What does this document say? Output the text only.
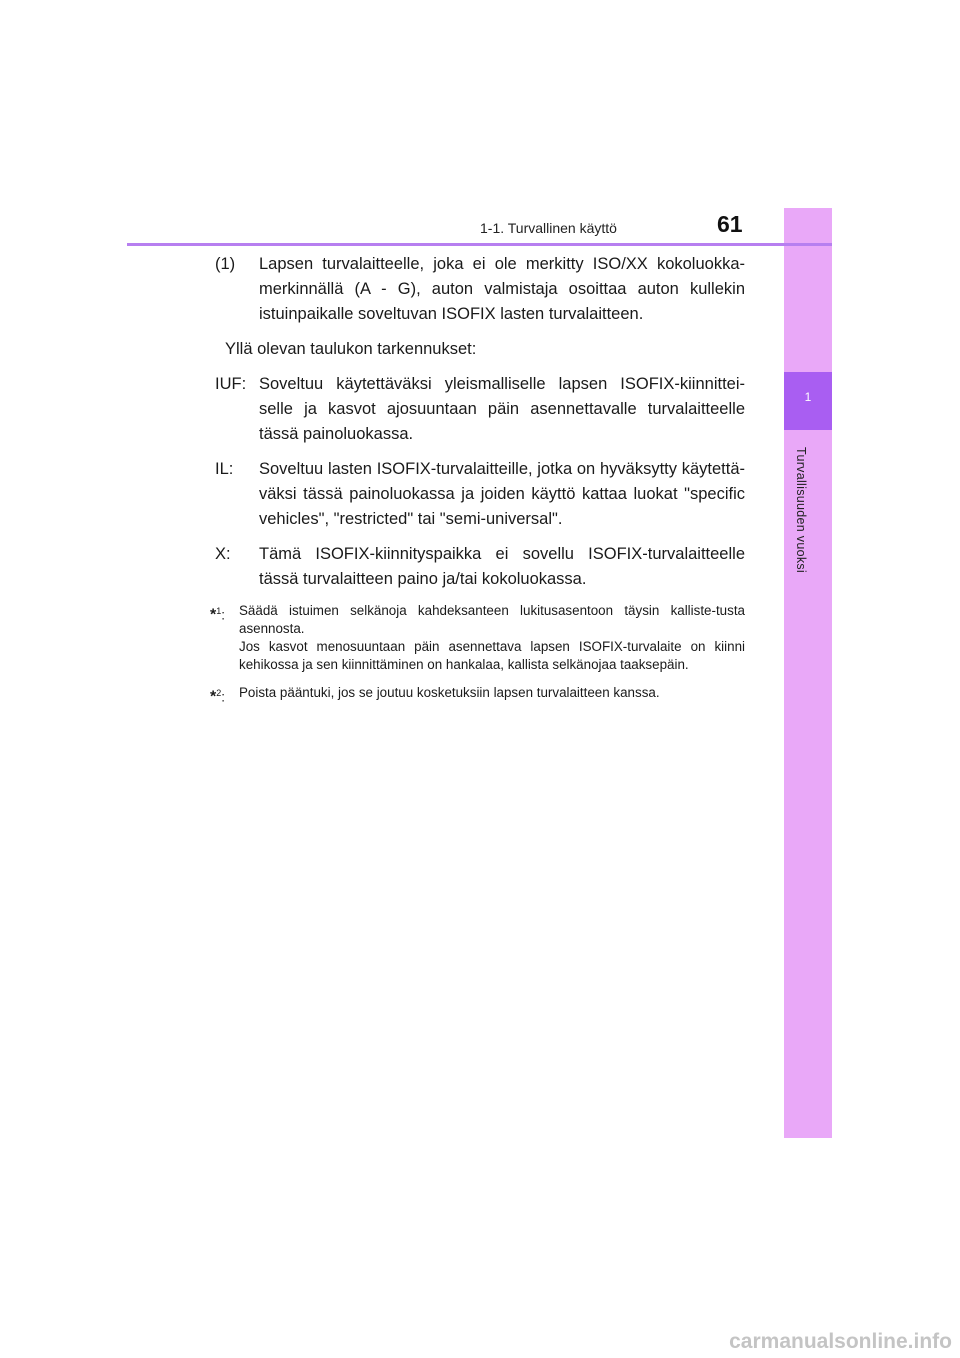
1
Turvallisuuden vuoksi
1-1. Turvallinen käyttö	61
(1)	Lapsen turvalaitteelle, joka ei ole merkitty ISO/XX kokoluokka-merkinnällä (A - G), auton valmistaja osoittaa auton kullekin istuinpaikalle soveltuvan ISOFIX lasten turvalaitteen.
Yllä olevan taulukon tarkennukset:
IUF: Soveltuu käytettäväksi yleismalliselle lapsen ISOFIX-kiinnittei-selle ja kasvot ajosuuntaan päin asennettavalle turvalaitteelle tässä painoluokassa.
IL:	Soveltuu lasten ISOFIX-turvalaitteille, jotka on hyväksytty käytettä-väksi tässä painoluokassa ja joiden käyttö kattaa luokat "specific vehicles", "restricted" tai "semi-universal".
X:	Tämä ISOFIX-kiinnityspaikka ei sovellu ISOFIX-turvalaitteelle tässä turvalaitteen paino ja/tai kokoluokassa.
*$^1$:	Säädä istuimen selkänoja kahdeksanteen lukitusasentoon täysin kalliste-tusta asennosta.

Jos kasvot menosuuntaan päin asennettava lapsen ISOFIX-turvalaite on kiinni kehikossa ja sen kiinnittäminen on hankalaa, kallista selkänojaa taaksepäin.

*$^2$:	Poista pääntuki, jos se joutuu kosketuksiin lapsen turvalaitteen kanssa.

carmanualsonline.info
